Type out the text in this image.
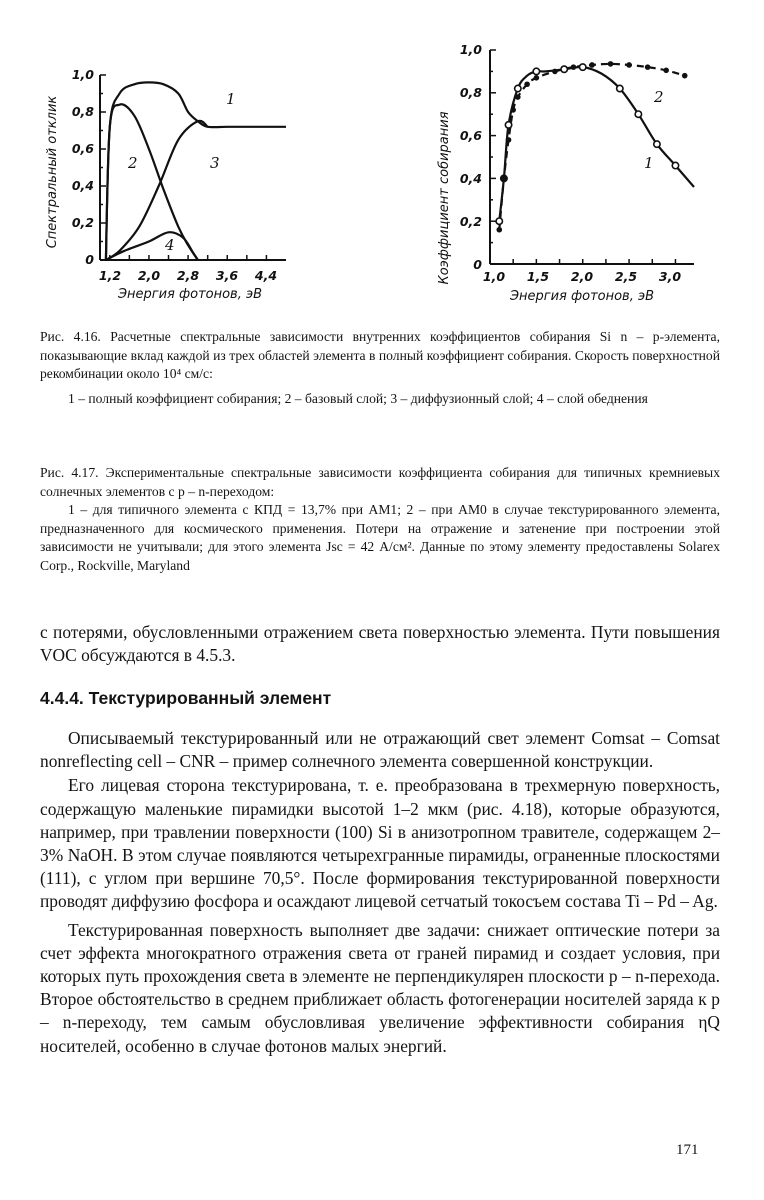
Спектральный отклик
1,0
0,8
0,6
0,4
0,2
0
1,2 2,0 2,8 3,6 4,4
Энергия фотонов, эВ
1
2	3
4	Коэффициент собирания
1,0
0,8
0,6
0,4
0,2
0
1,0 1,5 2,0 2,5 3,0
Энергия фотонов, эВ
2
1

Рис. 4.16. Расчетные спектральные зависимости внутренних коэффициентов собирания Si n – p-элемента, показывающие вклад каждой из трех областей элемента в полный коэффициент собирания. Скорость поверхностной рекомбинации около 10⁴ см/с:

1 – полный коэффициент собирания; 2 – базовый слой; 3 – диффузионный слой; 4 – слой обеднения

Рис. 4.17. Экспериментальные спектральные зависимости коэффициента собирания для типичных кремниевых солнечных элементов с p – n-переходом:

1 – для типичного элемента с КПД = 13,7% при AM1; 2 – при AM0 в случае текстурированного элемента, предназначенного для космического применения. Потери на отражение и затенение при построении этой зависимости не учитывали; для этого элемента Jsc = 42 А/см². Данные по этому элементу предоставлены Solarex Corp., Rockville, Maryland

с потерями, обусловленными отражением света поверхностью элемента. Пути повышения VOC обсуждаются в 4.5.3.

4.4.4. Текстурированный элемент

Описываемый текстурированный или не отражающий свет элемент Comsat – Comsat nonreflecting cell – CNR – пример солнечного элемента совершенной конструкции.

Его лицевая сторона текстурирована, т. е. преобразована в трехмерную поверхность, содержащую маленькие пирамидки высотой 1–2 мкм (рис. 4.18), которые образуются, например, при травлении поверхности (100) Si в анизотропном травителе, содержащем 2–3% NaOH. В этом случае появляются четырехгранные пирамиды, ограненные плоскостями (111), с углом при вершине 70,5°. После формирования текстурированной поверхности проводят диффузию фосфора и осаждают лицевой сетчатый токосъем состава Ti – Pd – Ag.

Текстурированная поверхность выполняет две задачи: снижает оптические потери за счет эффекта многократного отражения света от граней пирамид и создает условия, при которых путь прохождения света в элементе не перпендикулярен плоскости p – n-перехода. Второе обстоятельство в среднем приближает область фотогенерации носителей заряда к p – n-переходу, тем самым обусловливая увеличение эффективности собирания ηQ носителей, особенно в случае фотонов малых энергий.

171
